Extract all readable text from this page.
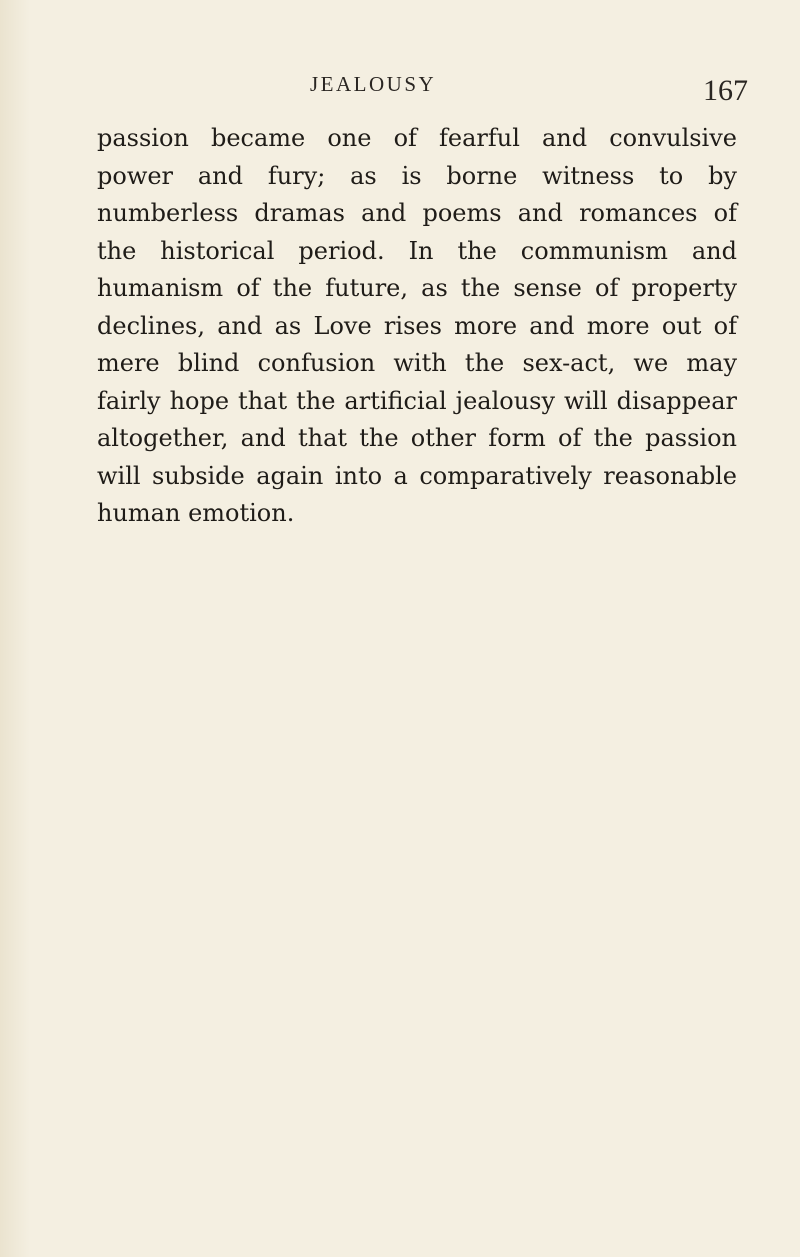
JEALOUSY	167
passion became one of fearful and convulsive
power and fury; as is borne witness to by
numberless dramas and poems and romances of
the historical period. In the communism and
humanism of the future, as the sense of property
declines, and as Love rises more and more out of
mere blind confusion with the sex-act, we may
fairly hope that the artificial jealousy will disappear
altogether, and that the other form of the passion
will subside again into a comparatively reasonable
human emotion.
